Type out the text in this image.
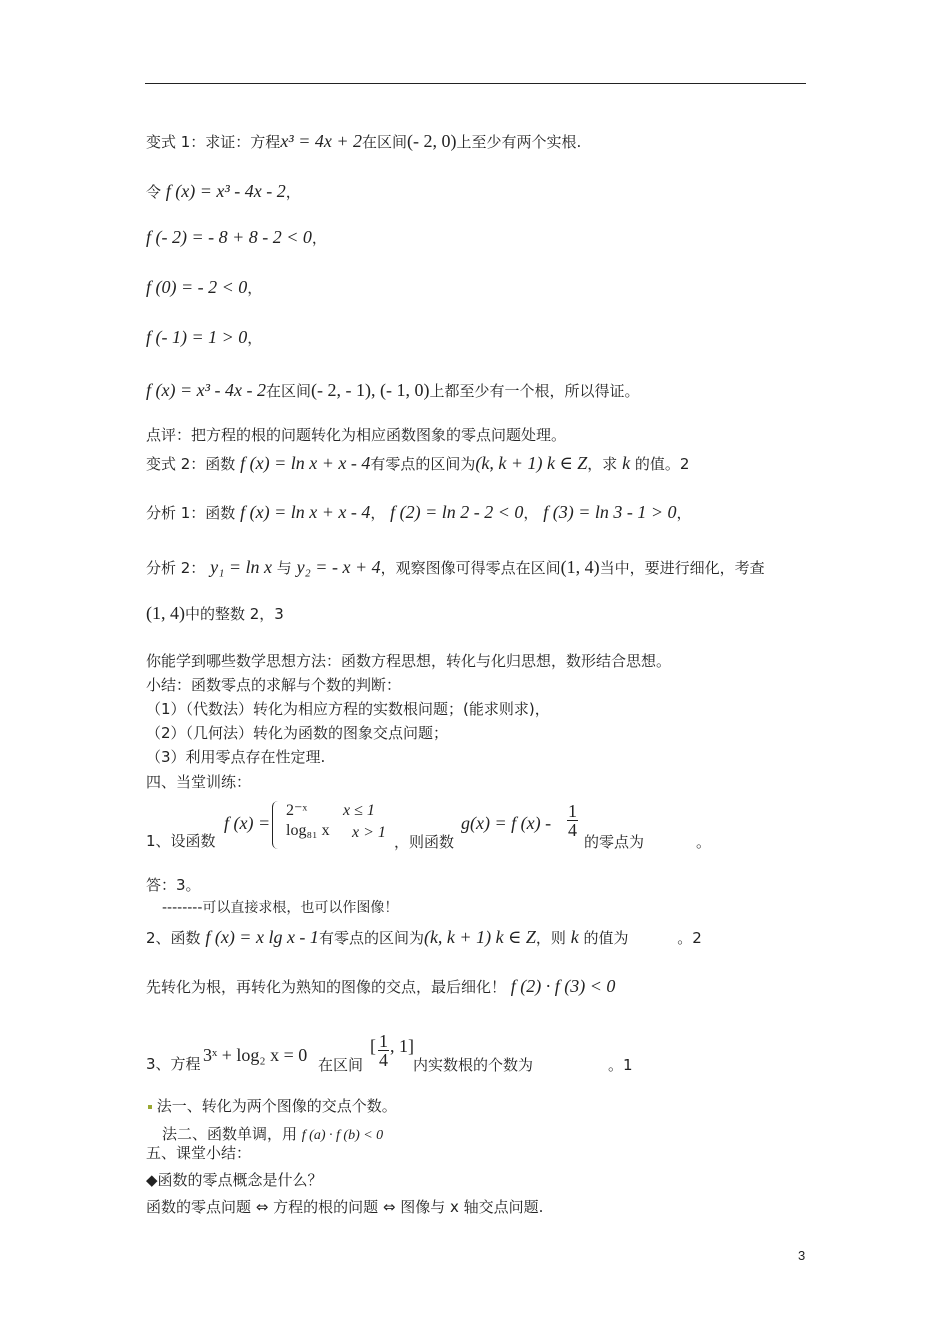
变式 1：求证：方程x³ = 4x + 2在区间(- 2, 0)上至少有两个实根.
令 f (x) = x³ - 4x - 2，
f (- 2) = - 8 + 8 - 2 < 0，
f (0) = - 2 < 0，
f (- 1) = 1 > 0，
f (x) = x³ - 4x - 2在区间(- 2, - 1), (- 1, 0)上都至少有一个根，所以得证。
点评：把方程的根的问题转化为相应函数图象的零点问题处理。
变式 2：函数 f (x) = ln x + x - 4有零点的区间为(k, k + 1) k ∈ Z，求 k 的值。2
分析 1：函数 f (x) = ln x + x - 4， f (2) = ln 2 - 2 < 0， f (3) = ln 3 - 1 > 0，
分析 2： y₁ = ln x 与 y₂ = - x + 4，观察图像可得零点在区间(1, 4)当中，要进行细化，考查
(1, 4)中的整数 2，3
你能学到哪些数学思想方法：函数方程思想，转化与化归思想，数形结合思想。
小结：函数零点的求解与个数的判断：
（1）（代数法）转化为相应方程的实数根问题；(能求则求)，
（2）（几何法）转化为函数的图象交点问题；
（3）利用零点存在性定理.
四、当堂训练：
1、设函数
f (x) =
2⁻ˣ x ≤ 1
log₈₁ x x > 1
，则函数
g(x) = f $(x) - \frac{1}{4}$
的零点为	。
答：3。
--------可以直接求根，也可以作图像！
2、函数 f (x) = x lg x - 1有零点的区间为(k, k + 1) k ∈ Z，则 k 的值为	。2
先转化为根，再转化为熟知的图像的交点，最后细化！ f (2) · f (3) < 0
3、方程 3ˣ + log₂ x = 0 在区间
[ $\frac{1}{4}$ , 1]
内实数根的个数为	。1
法一、转化为两个图像的交点个数。
法二、函数单调，用 f (a) · f (b) < 0
五、课堂小结：
◆函数的零点概念是什么？
函数的零点问题 ⇔ 方程的根的问题 ⇔ 图像与 x 轴交点问题.
3
